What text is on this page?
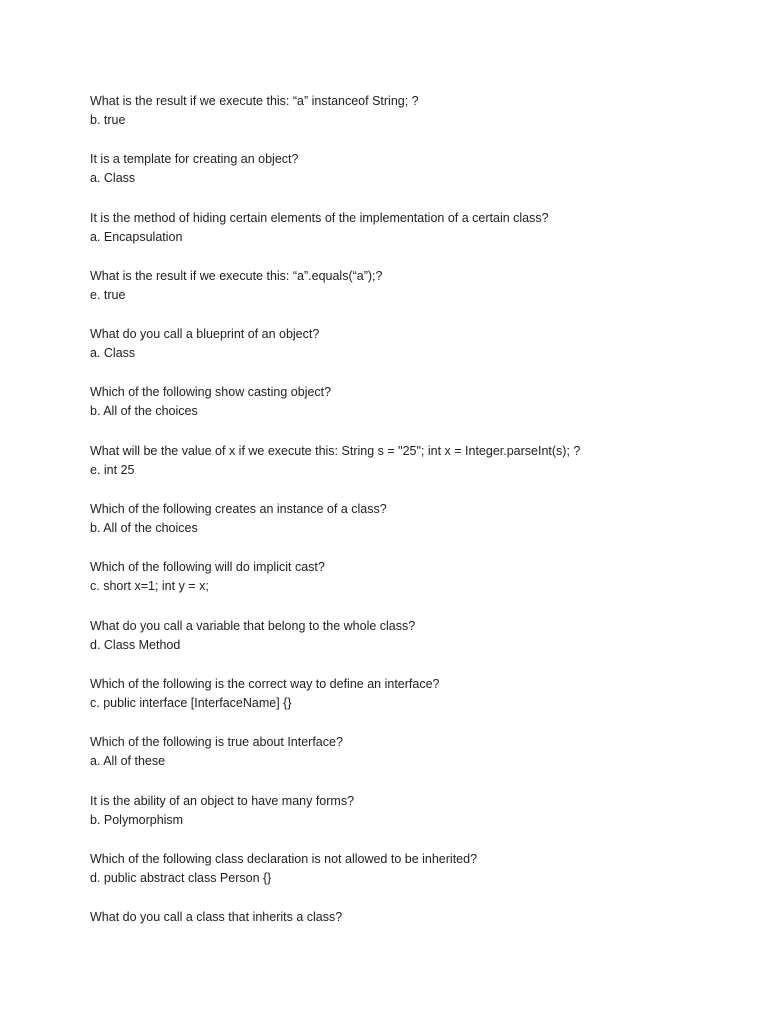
What is the result if we execute this: “a” instanceof String; ?
b. true
It is a template for creating an object?
a. Class
It is the method of hiding certain elements of the implementation of a certain class?
a. Encapsulation
What is the result if we execute this: “a”.equals(“a”);?
e. true
What do you call a blueprint of an object?
a. Class
Which of the following show casting object?
b. All of the choices
What will be the value of x if we execute this: String s = "25"; int x = Integer.parseInt(s); ?
e. int 25
Which of the following creates an instance of a class?
b. All of the choices
Which of the following will do implicit cast?
c. short x=1; int y = x;
What do you call a variable that belong to the whole class?
d. Class Method
Which of the following is the correct way to define an interface?
c. public interface [InterfaceName] {}
Which of the following is true about Interface?
a. All of these
It is the ability of an object to have many forms?
b. Polymorphism
Which of the following class declaration is not allowed to be inherited?
d. public abstract class Person {}
What do you call a class that inherits a class?
